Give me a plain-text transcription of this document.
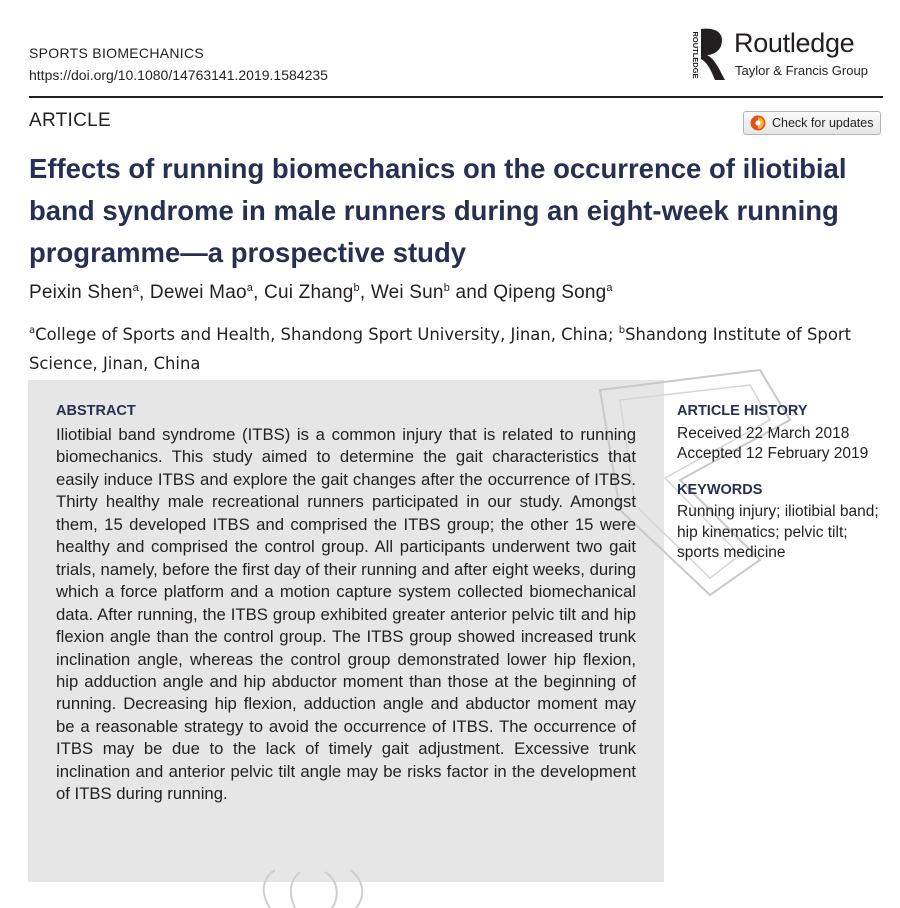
SPORTS BIOMECHANICS
https://doi.org/10.1080/14763141.2019.1584235	ROUTLEDGE Routledge
Taylor & Francis Group
ARTICLE	Check for updates
Effects of running biomechanics on the occurrence of iliotibial band syndrome in male runners during an eight-week running programme—a prospective study
Peixin Shen$^a$, Dewei Mao$^a$, Cui Zhang$^b$, Wei Sun$^b$ and Qipeng Song$^a$
$^a$College of Sports and Health, Shandong Sport University, Jinan, China; $^b$Shandong Institute of Sport Science, Jinan, China
ABSTRACT
Iliotibial band syndrome (ITBS) is a common injury that is related to running biomechanics. This study aimed to determine the gait characteristics that easily induce ITBS and explore the gait changes after the occurrence of ITBS. Thirty healthy male recreational runners participated in our study. Amongst them, 15 developed ITBS and comprised the ITBS group; the other 15 were healthy and comprised the control group. All participants underwent two gait trials, namely, before the first day of their running and after eight weeks, during which a force platform and a motion capture system collected biomechanical data. After running, the ITBS group exhibited greater anterior pelvic tilt and hip flexion angle than the control group. The ITBS group showed increased trunk inclination angle, whereas the control group demonstrated lower hip flexion, hip adduction angle and hip abductor moment than those at the beginning of running. Decreasing hip flexion, adduction angle and abductor moment may be a reasonable strategy to avoid the occurrence of ITBS. The occurrence of ITBS may be due to the lack of timely gait adjustment. Excessive trunk inclination and anterior pelvic tilt angle may be risks factor in the development of ITBS during running.
ARTICLE HISTORY
Received 22 March 2018
Accepted 12 February 2019
KEYWORDS
Running injury; iliotibial band; hip kinematics; pelvic tilt; sports medicine
